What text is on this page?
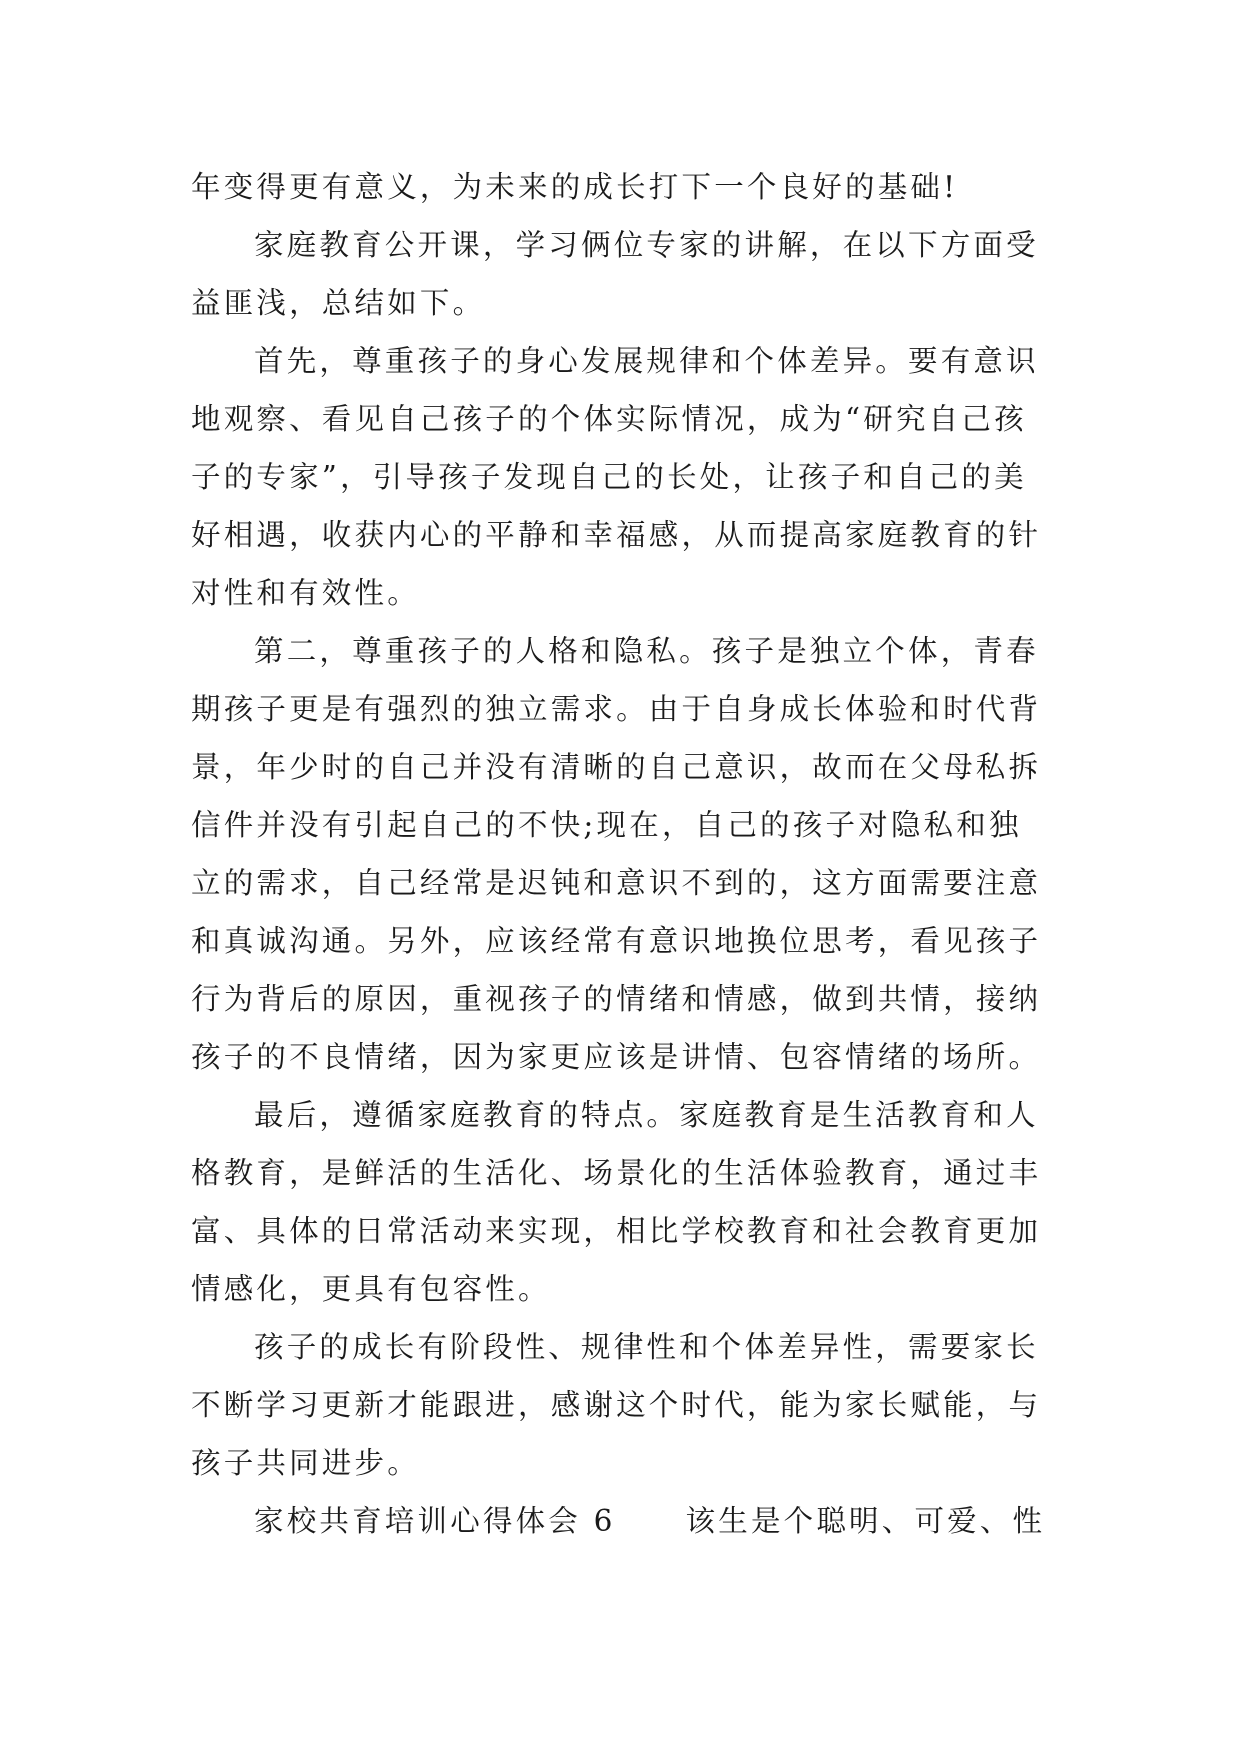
年变得更有意义，为未来的成长打下一个良好的基础!
家庭教育公开课，学习俩位专家的讲解，在以下方面受
益匪浅，总结如下。
首先，尊重孩子的身心发展规律和个体差异。要有意识
地观察、看见自己孩子的个体实际情况，成为“研究自己孩
子的专家”，引导孩子发现自己的长处，让孩子和自己的美
好相遇，收获内心的平静和幸福感，从而提高家庭教育的针
对性和有效性。
第二，尊重孩子的人格和隐私。孩子是独立个体，青春
期孩子更是有强烈的独立需求。由于自身成长体验和时代背
景，年少时的自己并没有清晰的自己意识，故而在父母私拆
信件并没有引起自己的不快;现在，自己的孩子对隐私和独
立的需求，自己经常是迟钝和意识不到的，这方面需要注意
和真诚沟通。另外，应该经常有意识地换位思考，看见孩子
行为背后的原因，重视孩子的情绪和情感，做到共情，接纳
孩子的不良情绪，因为家更应该是讲情、包容情绪的场所。
最后，遵循家庭教育的特点。家庭教育是生活教育和人
格教育，是鲜活的生活化、场景化的生活体验教育，通过丰
富、具体的日常活动来实现，相比学校教育和社会教育更加
情感化，更具有包容性。
孩子的成长有阶段性、规律性和个体差异性，需要家长
不断学习更新才能跟进，感谢这个时代，能为家长赋能，与
孩子共同进步。
家校共育培训心得体会 6 该生是个聪明、可爱、性
